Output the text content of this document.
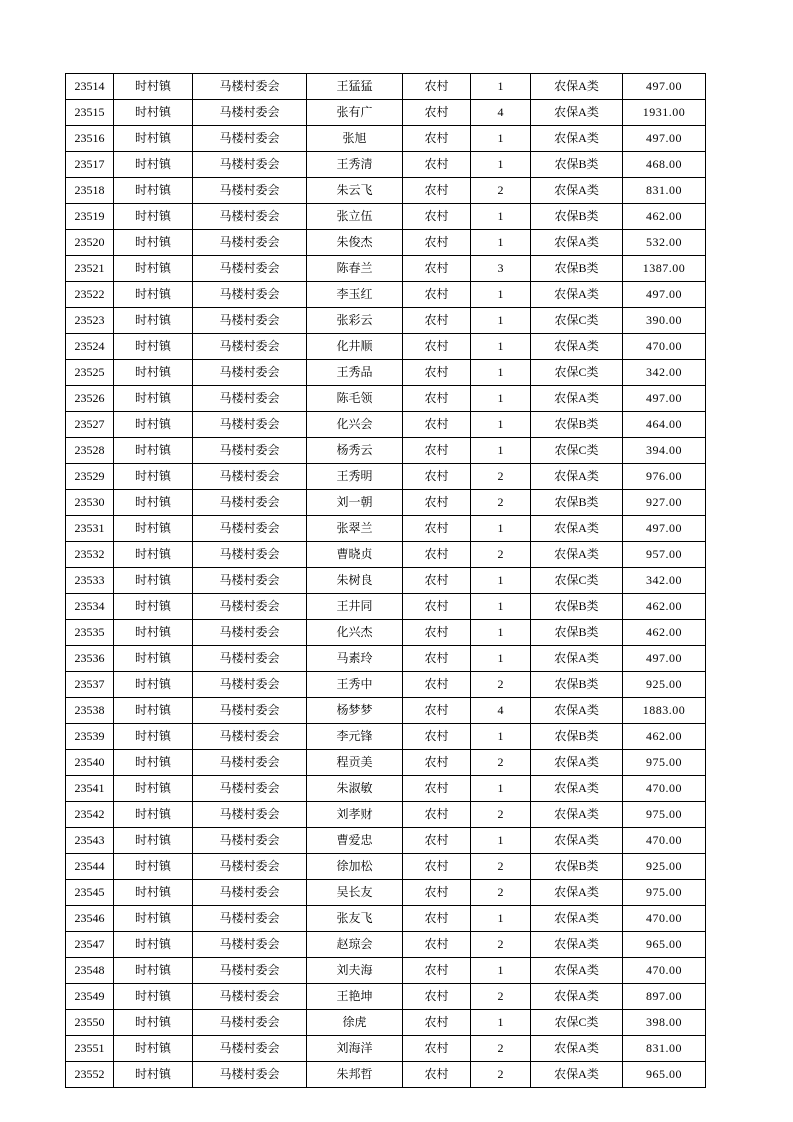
23514	时村镇	马楼村委会	王猛猛	农村	1	农保A类	497.00
23515	时村镇	马楼村委会	张有广	农村	4	农保A类	1931.00
23516	时村镇	马楼村委会	张旭	农村	1	农保A类	497.00
23517	时村镇	马楼村委会	王秀清	农村	1	农保B类	468.00
23518	时村镇	马楼村委会	朱云飞	农村	2	农保A类	831.00
23519	时村镇	马楼村委会	张立伍	农村	1	农保B类	462.00
23520	时村镇	马楼村委会	朱俊杰	农村	1	农保A类	532.00
23521	时村镇	马楼村委会	陈春兰	农村	3	农保B类	1387.00
23522	时村镇	马楼村委会	李玉红	农村	1	农保A类	497.00
23523	时村镇	马楼村委会	张彩云	农村	1	农保C类	390.00
23524	时村镇	马楼村委会	化井顺	农村	1	农保A类	470.00
23525	时村镇	马楼村委会	王秀品	农村	1	农保C类	342.00
23526	时村镇	马楼村委会	陈毛领	农村	1	农保A类	497.00
23527	时村镇	马楼村委会	化兴会	农村	1	农保B类	464.00
23528	时村镇	马楼村委会	杨秀云	农村	1	农保C类	394.00
23529	时村镇	马楼村委会	王秀明	农村	2	农保A类	976.00
23530	时村镇	马楼村委会	刘一朝	农村	2	农保B类	927.00
23531	时村镇	马楼村委会	张翠兰	农村	1	农保A类	497.00
23532	时村镇	马楼村委会	曹晓贞	农村	2	农保A类	957.00
23533	时村镇	马楼村委会	朱树良	农村	1	农保C类	342.00
23534	时村镇	马楼村委会	王井同	农村	1	农保B类	462.00
23535	时村镇	马楼村委会	化兴杰	农村	1	农保B类	462.00
23536	时村镇	马楼村委会	马素玲	农村	1	农保A类	497.00
23537	时村镇	马楼村委会	王秀中	农村	2	农保B类	925.00
23538	时村镇	马楼村委会	杨梦梦	农村	4	农保A类	1883.00
23539	时村镇	马楼村委会	李元锋	农村	1	农保B类	462.00
23540	时村镇	马楼村委会	程贡美	农村	2	农保A类	975.00
23541	时村镇	马楼村委会	朱淑敏	农村	1	农保A类	470.00
23542	时村镇	马楼村委会	刘孝财	农村	2	农保A类	975.00
23543	时村镇	马楼村委会	曹爱忠	农村	1	农保A类	470.00
23544	时村镇	马楼村委会	徐加松	农村	2	农保B类	925.00
23545	时村镇	马楼村委会	吴长友	农村	2	农保A类	975.00
23546	时村镇	马楼村委会	张友飞	农村	1	农保A类	470.00
23547	时村镇	马楼村委会	赵琼会	农村	2	农保A类	965.00
23548	时村镇	马楼村委会	刘夫海	农村	1	农保A类	470.00
23549	时村镇	马楼村委会	王艳坤	农村	2	农保A类	897.00
23550	时村镇	马楼村委会	徐虎	农村	1	农保C类	398.00
23551	时村镇	马楼村委会	刘海洋	农村	2	农保A类	831.00
23552	时村镇	马楼村委会	朱邦哲	农村	2	农保A类	965.00
